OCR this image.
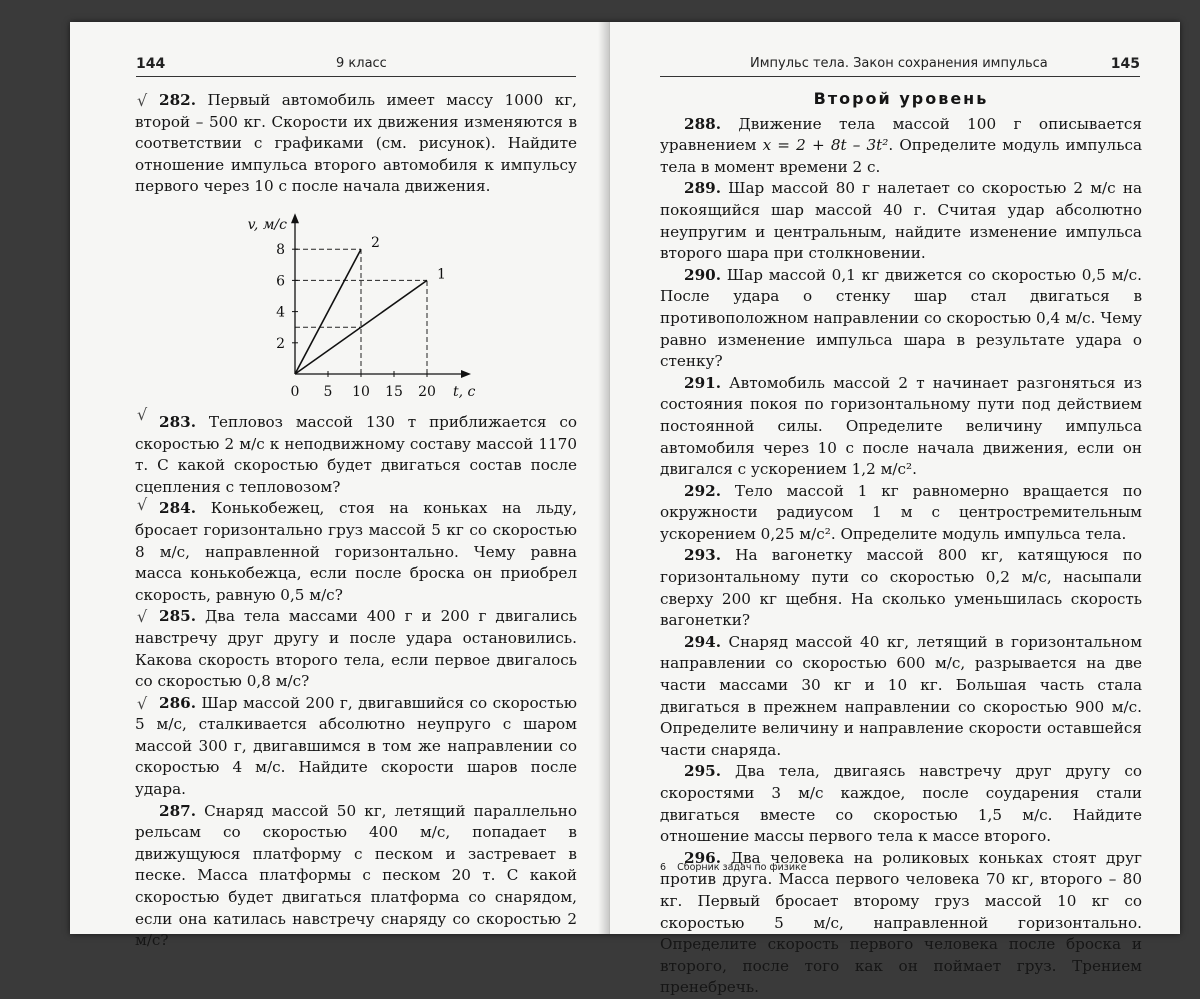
144	9 класс

√ 282. Первый автомобиль имеет массу 1000 кг, второй – 500 кг. Скорости их движения изменяются в соответствии с графиками (см. рисунок). Найдите отношение импульса второго автомобиля к импульсу первого через 10 с после начала движения.

0 5 10 15 20
2
4
6
8
v, м/с
t, с
1
2

√ 283. Тепловоз массой 130 т приближается со скоростью 2 м/с к неподвижному составу массой 1170 т. С какой скоростью будет двигаться состав после сцепления с тепловозом?

√ 284. Конькобежец, стоя на коньках на льду, бросает горизонтально груз массой 5 кг со скоростью 8 м/с, направленной горизонтально. Чему равна масса конькобежца, если после броска он приобрел скорость, равную 0,5 м/с?

√ 285. Два тела массами 400 г и 200 г двигались навстречу друг другу и после удара остановились. Какова скорость второго тела, если первое двигалось со скоростью 0,8 м/с?

√ 286. Шар массой 200 г, двигавшийся со скоростью 5 м/с, сталкивается абсолютно неупруго с шаром массой 300 г, двигавшимся в том же направлении со скоростью 4 м/с. Найдите скорости шаров после удара.

287. Снаряд массой 50 кг, летящий параллельно рельсам со скоростью 400 м/с, попадает в движущуюся платформу с песком и застревает в песке. Масса платформы с песком 20 т. С какой скоростью будет двигаться платформа со снарядом, если она катилась навстречу снаряду со скоростью 2 м/с?

Импульс тела. Закон сохранения импульса	145
Второй уровень

288. Движение тела массой 100 г описывается уравнением x = 2 + 8t – 3t². Определите модуль импульса тела в момент времени 2 с.

289. Шар массой 80 г налетает со скоростью 2 м/с на покоящийся шар массой 40 г. Считая удар абсолютно неупругим и центральным, найдите изменение импульса второго шара при столкновении.

290. Шар массой 0,1 кг движется со скоростью 0,5 м/с. После удара о стенку шар стал двигаться в противоположном направлении со скоростью 0,4 м/с. Чему равно изменение импульса шара в результате удара о стенку?

291. Автомобиль массой 2 т начинает разгоняться из состояния покоя по горизонтальному пути под действием постоянной силы. Определите величину импульса автомобиля через 10 с после начала движения, если он двигался с ускорением 1,2 м/с².

292. Тело массой 1 кг равномерно вращается по окружности радиусом 1 м с центростремительным ускорением 0,25 м/с². Определите модуль импульса тела.

293. На вагонетку массой 800 кг, катящуюся по горизонтальному пути со скоростью 0,2 м/с, насыпали сверху 200 кг щебня. На сколько уменьшилась скорость вагонетки?

294. Снаряд массой 40 кг, летящий в горизонтальном направлении со скоростью 600 м/с, разрывается на две части массами 30 кг и 10 кг. Большая часть стала двигаться в прежнем направлении со скоростью 900 м/с. Определите величину и направление скорости оставшейся части снаряда.

295. Два тела, двигаясь навстречу друг другу со скоростями 3 м/с каждое, после соударения стали двигаться вместе со скоростью 1,5 м/с. Найдите отношение массы первого тела к массе второго.

296. Два человека на роликовых коньках стоят друг против друга. Масса первого человека 70 кг, второго – 80 кг. Первый бросает второму груз массой 10 кг со скоростью 5 м/с, направленной горизонтально. Определите скорость первого человека после броска и второго, после того как он поймает груз. Трением пренебречь.

6 Сборник задач по физике
